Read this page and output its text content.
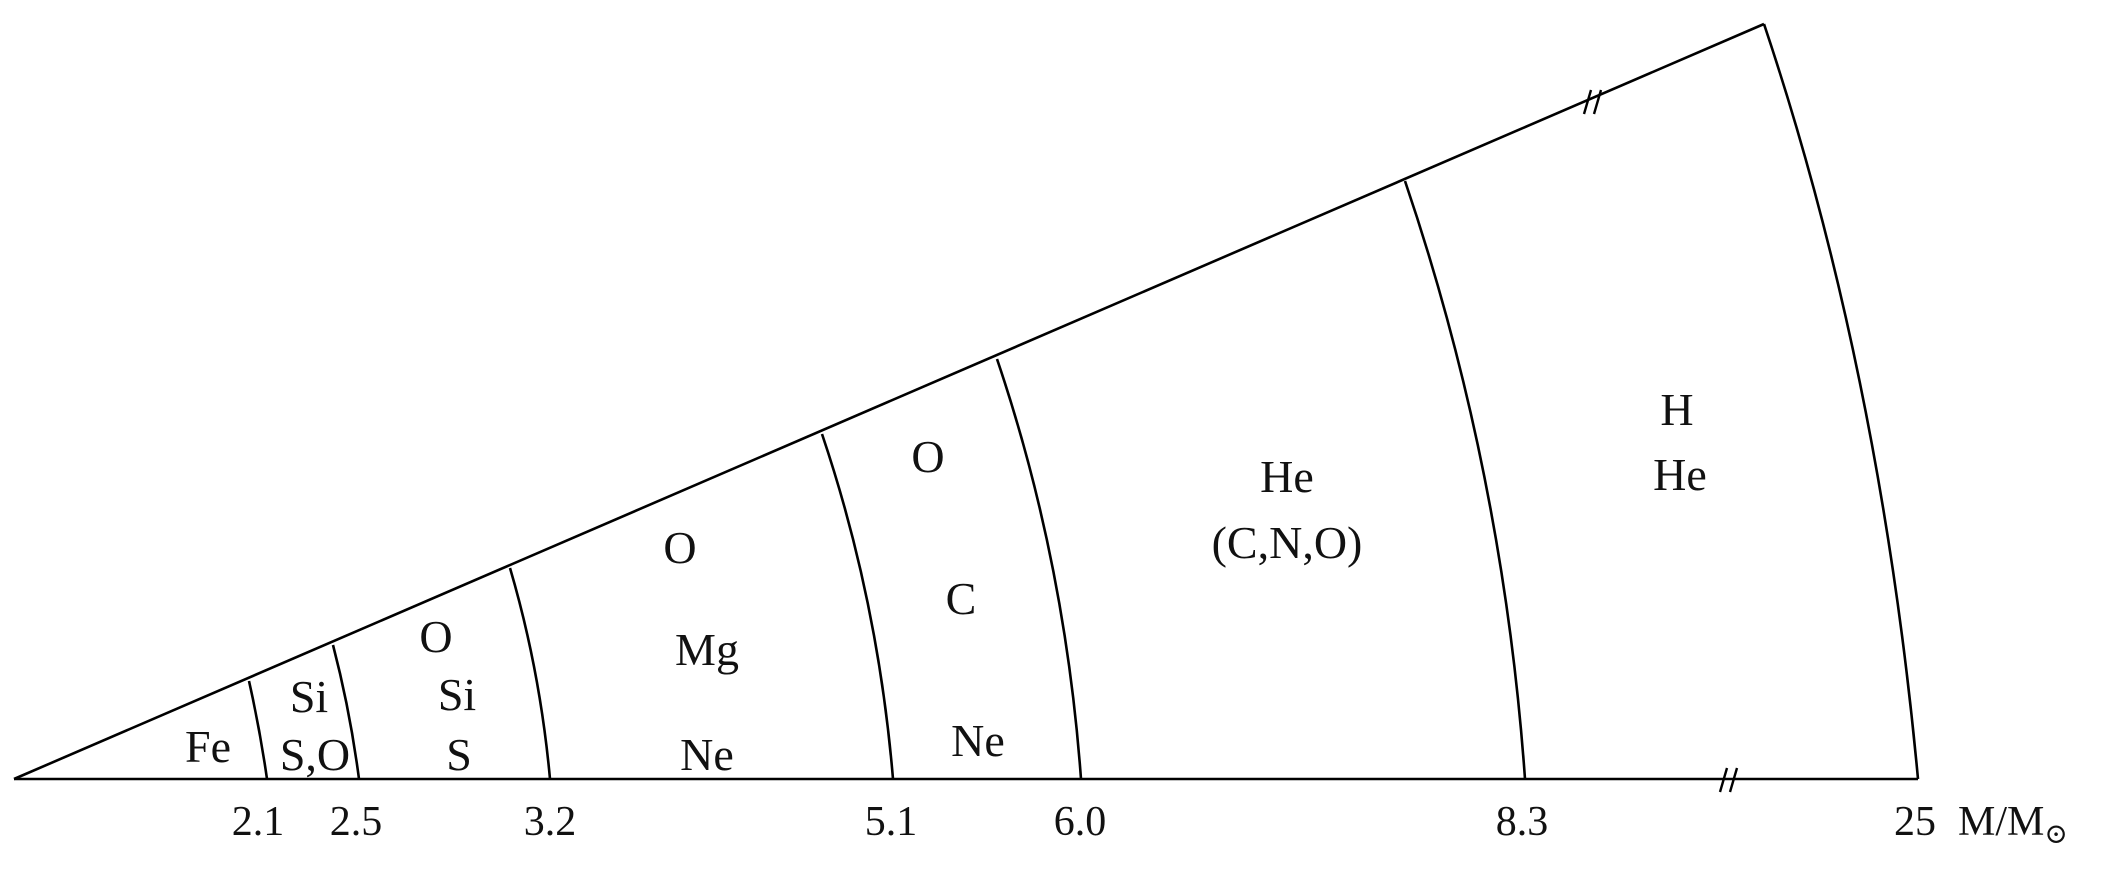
Fe
Si
S,O
O
Si
S
O
Mg
Ne
O
C
Ne
He
(C,N,O)
H
He
2.1 2.5	3.2	5.1	6.0	8.3	25 M/M⊙
